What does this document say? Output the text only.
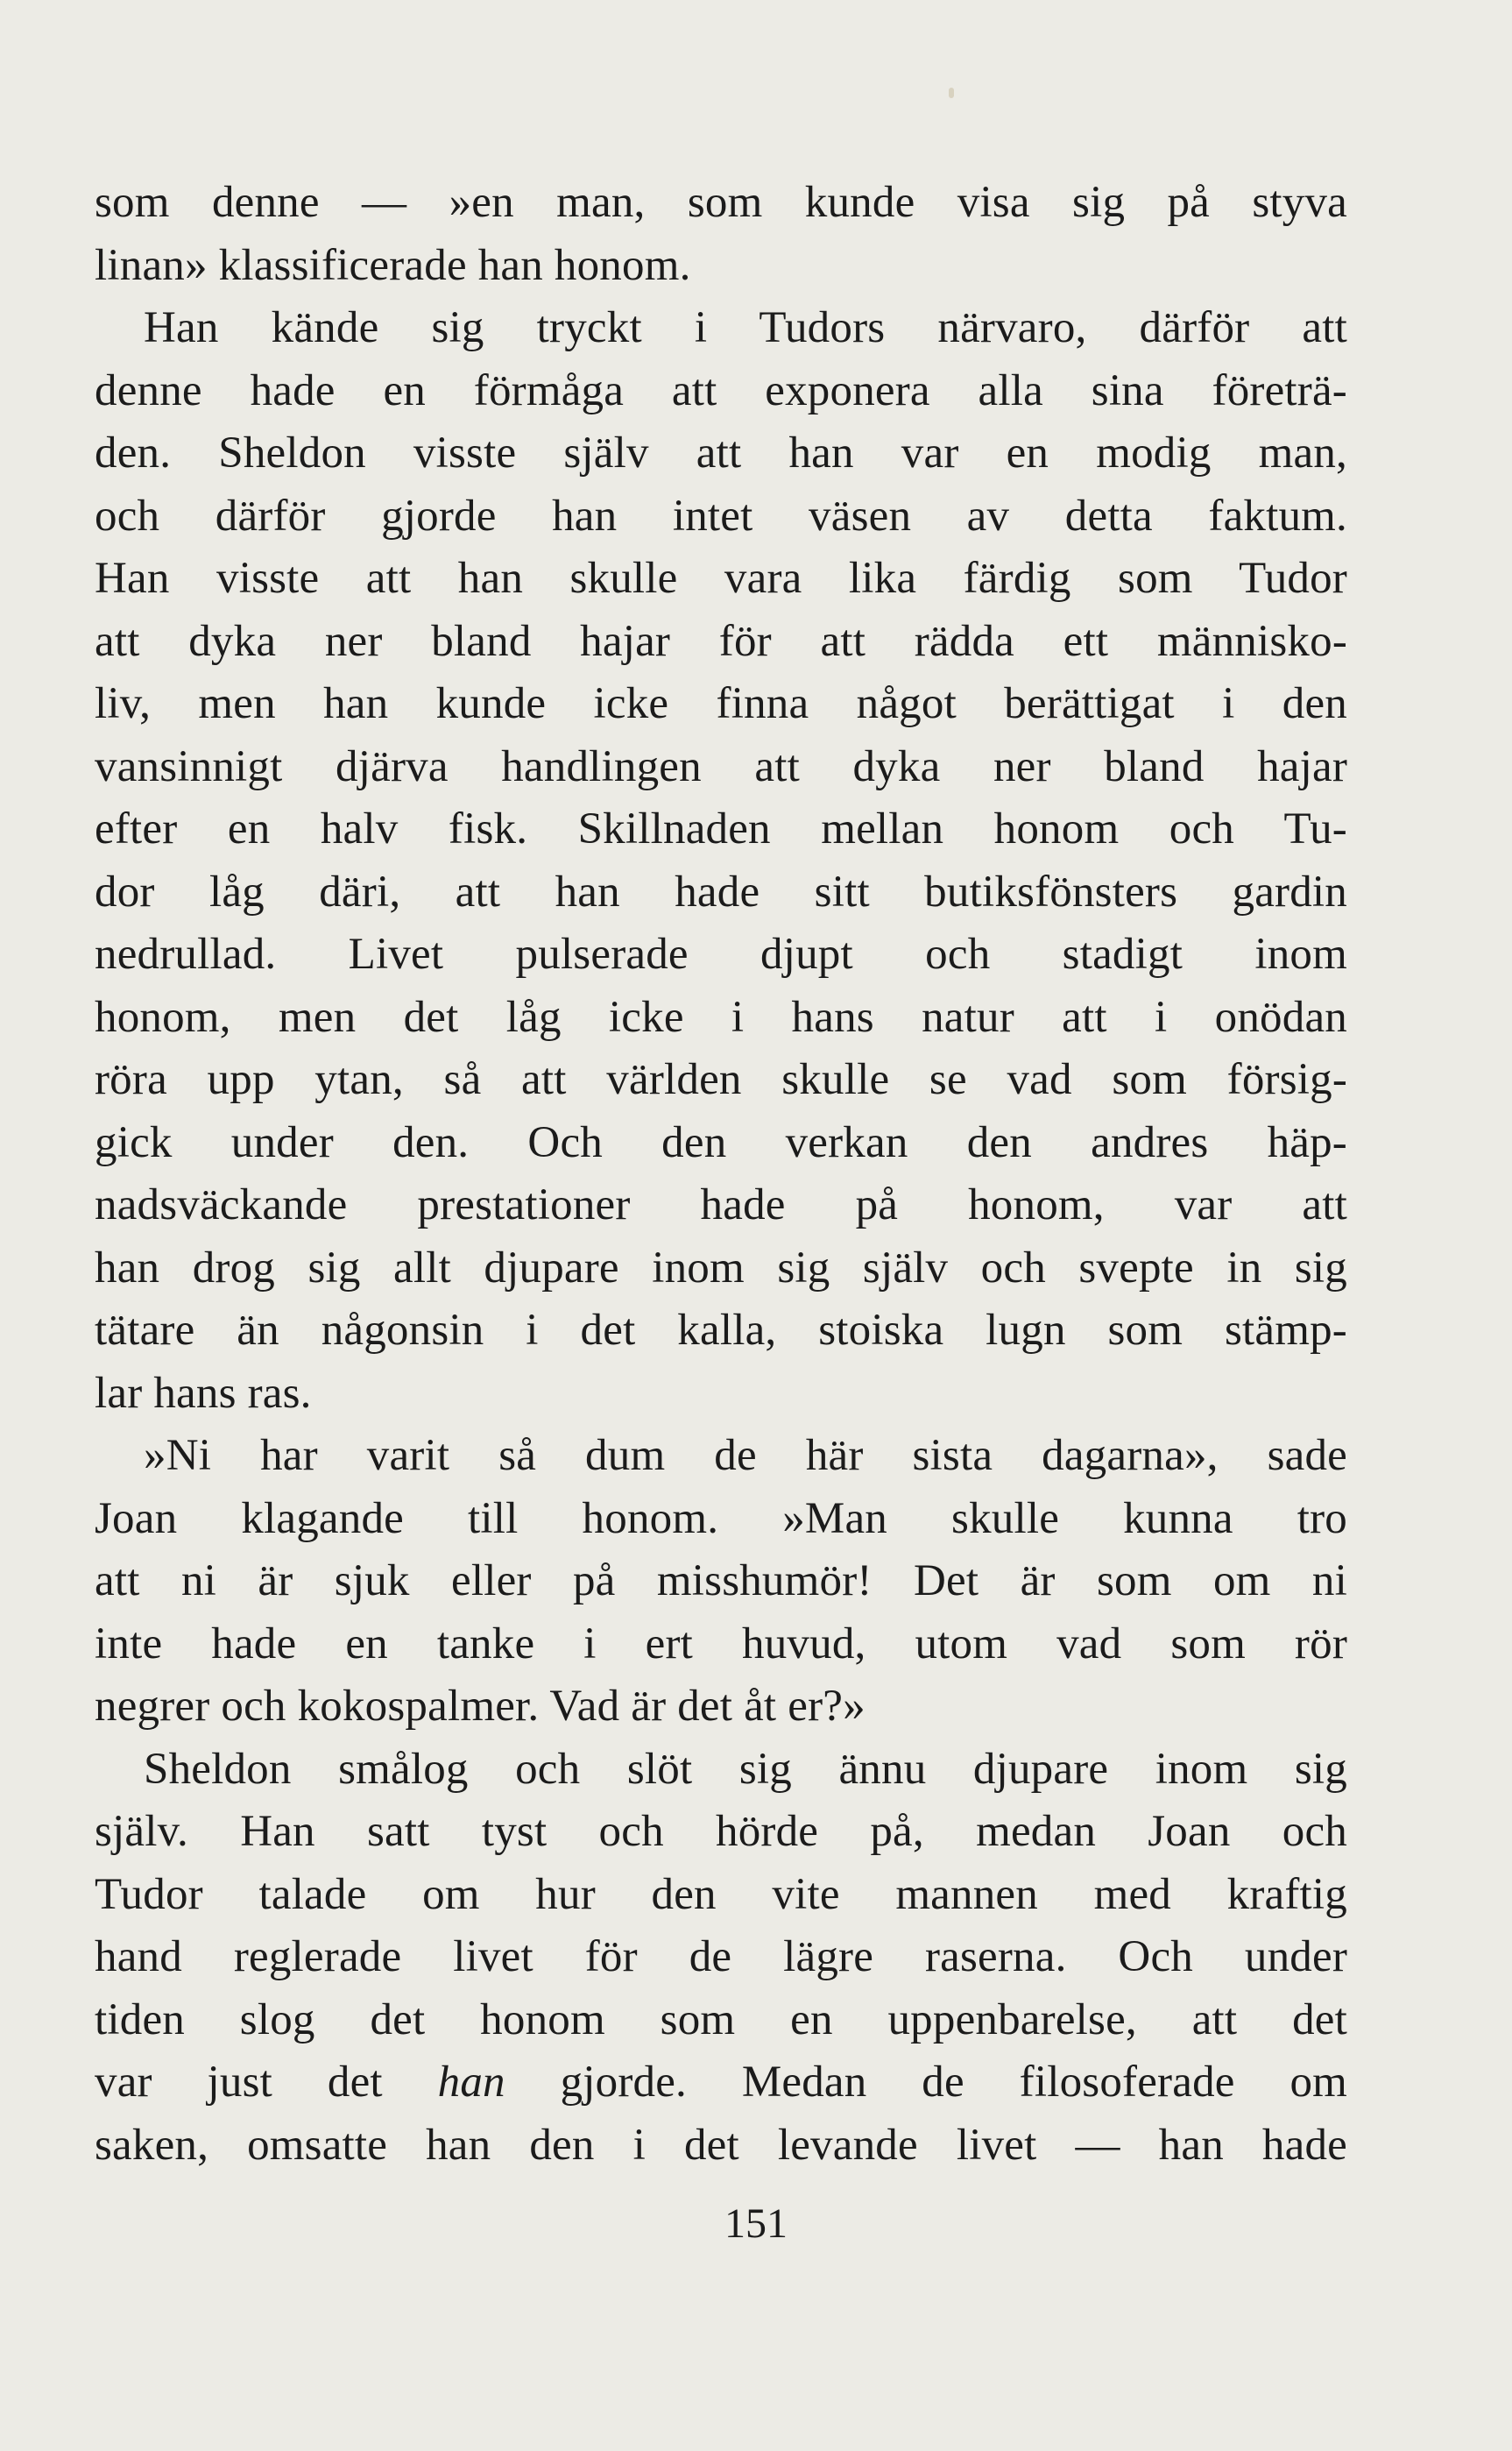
som denne — »en man, som kunde visa sig på styva
linan» klassificerade han honom.
Han kände sig tryckt i Tudors närvaro, därför att
denne hade en förmåga att exponera alla sina företrä-
den. Sheldon visste själv att han var en modig man,
och därför gjorde han intet väsen av detta faktum.
Han visste att han skulle vara lika färdig som Tudor
att dyka ner bland hajar för att rädda ett människo-
liv, men han kunde icke finna något berättigat i den
vansinnigt djärva handlingen att dyka ner bland hajar
efter en halv fisk. Skillnaden mellan honom och Tu-
dor låg däri, att han hade sitt butiksfönsters gardin
nedrullad. Livet pulserade djupt och stadigt inom
honom, men det låg icke i hans natur att i onödan
röra upp ytan, så att världen skulle se vad som försig-
gick under den. Och den verkan den andres häp-
nadsväckande prestationer hade på honom, var att
han drog sig allt djupare inom sig själv och svepte in sig
tätare än någonsin i det kalla, stoiska lugn som stämp-
lar hans ras.
»Ni har varit så dum de här sista dagarna», sade
Joan klagande till honom. »Man skulle kunna tro
att ni är sjuk eller på misshumör! Det är som om ni
inte hade en tanke i ert huvud, utom vad som rör
negrer och kokospalmer. Vad är det åt er?»
Sheldon smålog och slöt sig ännu djupare inom sig
själv. Han satt tyst och hörde på, medan Joan och
Tudor talade om hur den vite mannen med kraftig
hand reglerade livet för de lägre raserna. Och under
tiden slog det honom som en uppenbarelse, att det
var just det han gjorde. Medan de filosoferade om
saken, omsatte han den i det levande livet — han hade
151
